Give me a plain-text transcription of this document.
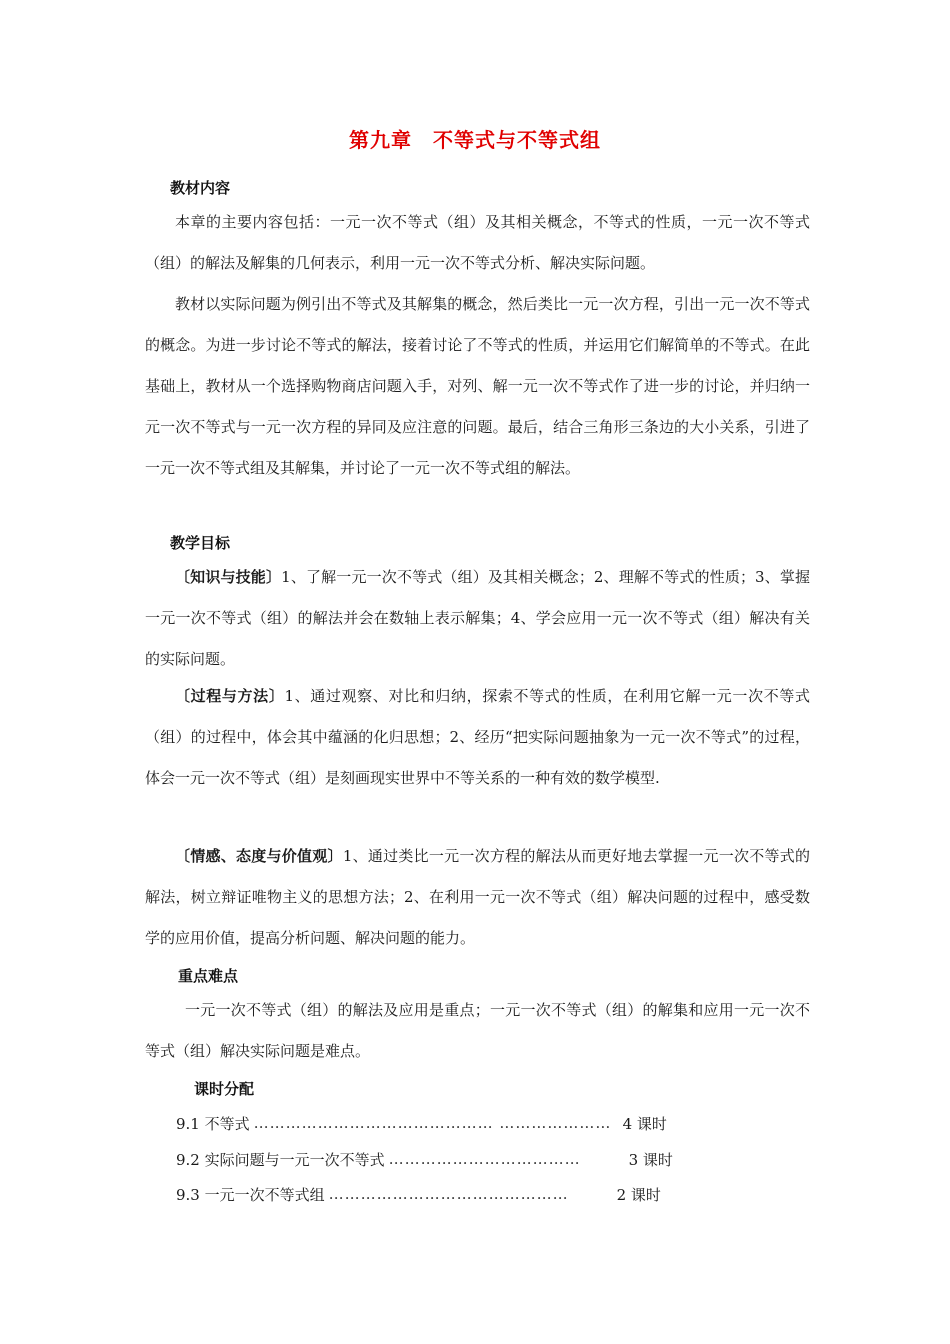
第九章　不等式与不等式组
教材内容

本章的主要内容包括：一元一次不等式（组）及其相关概念，不等式的性质，一元一次不等式（组）的解法及解集的几何表示，利用一元一次不等式分析、解决实际问题。

教材以实际问题为例引出不等式及其解集的概念，然后类比一元一次方程，引出一元一次不等式的概念。为进一步讨论不等式的解法，接着讨论了不等式的性质，并运用它们解简单的不等式。在此基础上，教材从一个选择购物商店问题入手，对列、解一元一次不等式作了进一步的讨论，并归纳一元一次不等式与一元一次方程的异同及应注意的问题。最后，结合三角形三条边的大小关系，引进了一元一次不等式组及其解集，并讨论了一元一次不等式组的解法。

教学目标

〔知识与技能〕1、了解一元一次不等式（组）及其相关概念；2、理解不等式的性质；3、掌握一元一次不等式（组）的解法并会在数轴上表示解集；4、学会应用一元一次不等式（组）解决有关的实际问题。

〔过程与方法〕1、通过观察、对比和归纳，探索不等式的性质，在利用它解一元一次不等式（组）的过程中，体会其中蕴涵的化归思想；2、经历“把实际问题抽象为一元一次不等式”的过程，体会一元一次不等式（组）是刻画现实世界中不等关系的一种有效的数学模型.

〔情感、态度与价值观〕1、通过类比一元一次方程的解法从而更好地去掌握一元一次不等式的解法，树立辩证唯物主义的思想方法；2、在利用一元一次不等式（组）解决问题的过程中，感受数学的应用价值，提高分析问题、解决问题的能力。

重点难点

一元一次不等式（组）的解法及应用是重点；一元一次不等式（组）的解集和应用一元一次不等式（组）解决实际问题是难点。

课时分配
9.1 不等式 ……………………………………… ………………… 4 课时
9.2 实际问题与一元一次不等式 ………………………………	3 课时
9.3 一元一次不等式组 ………………………………………	2 课时
